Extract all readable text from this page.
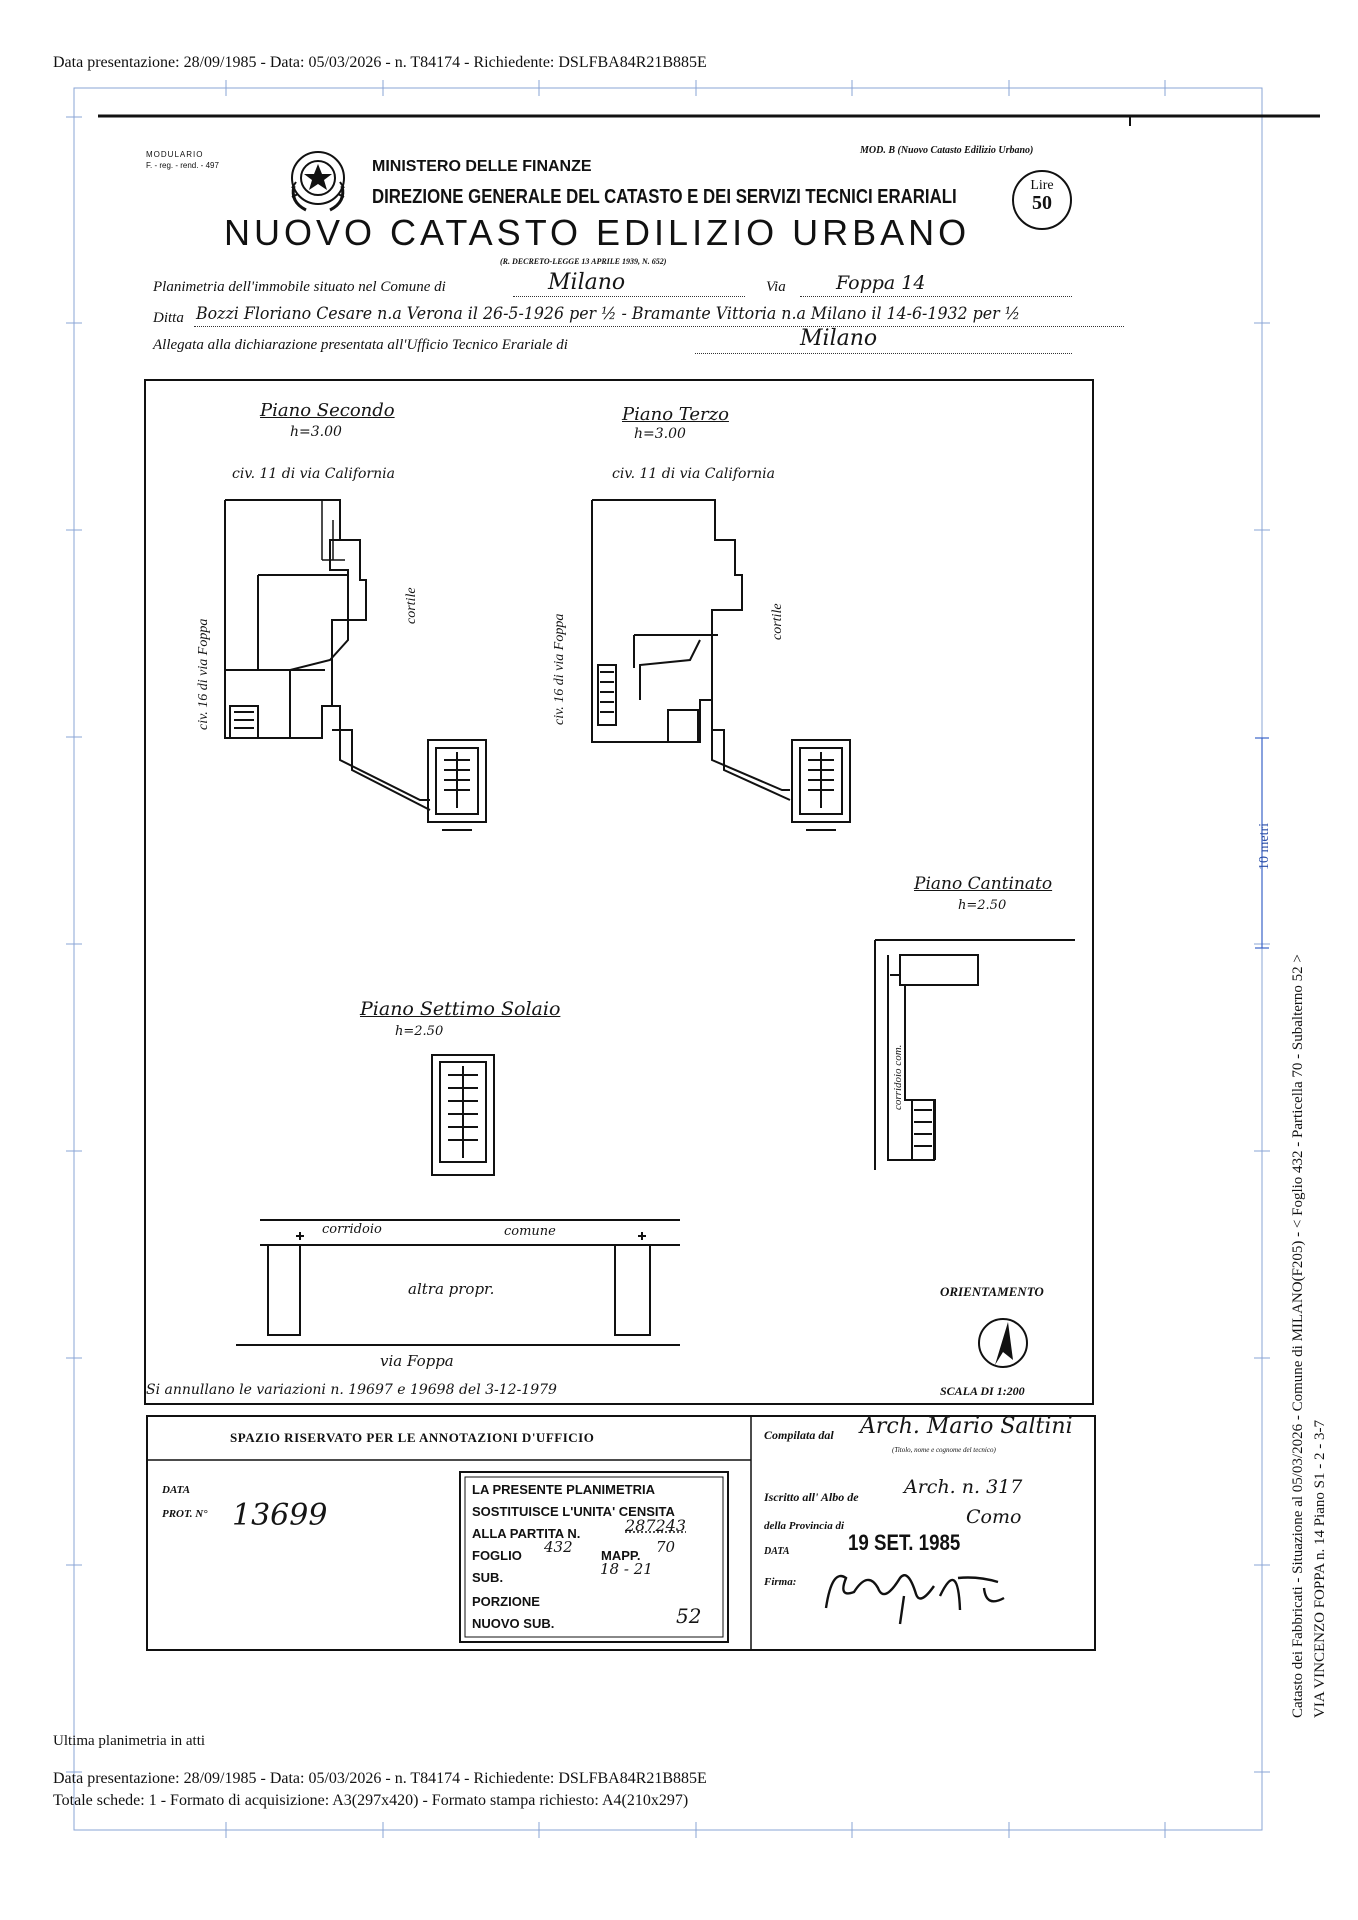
Data presentazione: 28/09/1985 - Data: 05/03/2026 - n. T84174 - Richiedente: DSLFBA84R21B885E
10 metri
Catasto dei Fabbricati - Situazione al 05/03/2026 - Comune di MILANO(F205) - < Foglio 432 - Particella 70 - Subalterno 52 > VIA VINCENZO FOPPA n. 14 Piano S1 - 2 - 3-7
MODULARIO
F. - reg. - rend. - 497
MOD. B (Nuovo Catasto Edilizio Urbano)
MINISTERO DELLE FINANZE
DIREZIONE GENERALE DEL CATASTO E DEI SERVIZI TECNICI ERARIALI
Lire
50
NUOVO CATASTO EDILIZIO URBANO
(R. DECRETO-LEGGE 13 APRILE 1939, N. 652)
Planimetria dell'immobile situato nel Comune di	Milano	Via	Foppa 14
Ditta Bozzi Floriano Cesare n.a Verona il 26-5-1926 per ½ - Bramante Vittoria n.a Milano il 14-6-1932 per ½
Allegata alla dichiarazione presentata all'Ufficio Tecnico Erariale di	Milano
Piano Secondo
h=3.00
civ. 11 di via California
civ. 16 di via Foppa
cortile
Piano Terzo
h=3.00
civ. 11 di via California
civ. 16 di via Foppa	cortile
Piano Cantinato
h=2.50
corridoio com.
Piano Settimo Solaio
h=2.50
corridoio	comune
altra propr.
via Foppa
Si annullano le variazioni n. 19697 e 19698 del 3-12-1979
ORIENTAMENTO
SCALA DI 1:200
SPAZIO RISERVATO PER LE ANNOTAZIONI D'UFFICIO
DATA
PROT. N° 13699
LA PRESENTE PLANIMETRIA
SOSTITUISCE L'UNITA' CENSITA
ALLA PARTITA N.	287243
FOGLIO 432 MAPP. 70
SUB.	18 - 21
PORZIONE
NUOVO SUB.	52
Compilata dal Arch. Mario Saltini
(Titolo, nome e cognome del tecnico)
Iscritto all' Albo de Arch. n. 317
della Provincia di	Como
DATA	19 SET. 1985
Firma:
Ultima planimetria in atti
Data presentazione: 28/09/1985 - Data: 05/03/2026 - n. T84174 - Richiedente: DSLFBA84R21B885E
Totale schede: 1 - Formato di acquisizione: A3(297x420) - Formato stampa richiesto: A4(210x297)
